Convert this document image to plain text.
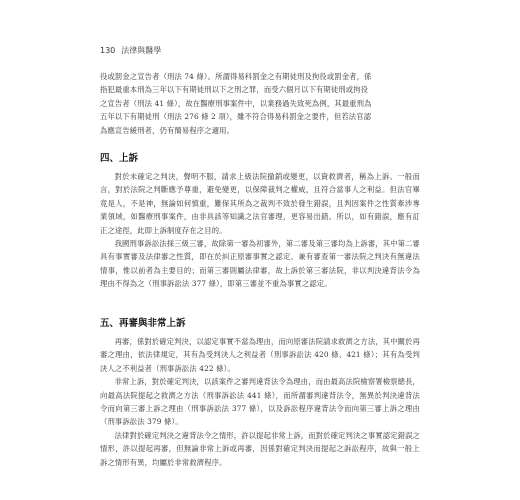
130 法律與醫學

役或罰金之宣告者（刑法 74 條）。所謂得易科罰金之有期徒刑及拘役或罰金者，係

指犯最重本刑為三年以下有期徒刑以下之刑之罪，而受六個月以下有期徒刑或拘役

之宣告者（刑法 41 條），故在醫療刑事案件中，以業務過失致死為例，其最重刑為

五年以下有期徒刑（刑法 276 條 2 項），雖不符合得易科罰金之要件，但若法官認

為應宣告緩刑者，仍有簡易程序之適用。

四、上訴

對於未確定之判決，聲明不服，請求上級法院撤銷或變更，以資救濟者，稱為上訴。一般而言，對於法院之判斷應予尊重，避免變更，以保障裁判之權威，且符合當事人之利益。但法官畢竟是人，不是神，無論如何慎重，難保其所為之裁判不致於發生錯誤，且判因案件之性質牽涉專業領域，如醫療刑事案件，由非具該等知識之法官審理，更容易出錯。所以，如有錯誤，應有訂正之途徑，此即上訴制度存在之目的。

我國刑事訴訟法採三級三審，故除第一審為初審外，第二審及第三審均為上訴審，其中第二審具有事實審及法律審之性質，即在於糾正原審事實之認定、兼有審查第一審法院之判決有無違法情事，惟以前者為主要目的；而第三審則屬法律審，故上訴於第三審法院，非以判決違背法令為理由不得為之（刑事訴訟法 377 條），即第三審並不重為事實之認定。

五、再審與非常上訴

再審，係對於確定判決，以認定事實不當為理由，而向原審法院請求救濟之方法，其中關於再審之理由，依法律規定，其有為受判決人之利益者（刑事訴訟法 420 條、421 條）；其有為受判決人之不利益者（刑事訴訟法 422 條）。

非常上訴，對於確定判決，以該案件之審判違背法令為理由，而由最高法院檢察署檢察總長，向最高法院提起之救濟之方法（刑事訴訟法 441 條），而所謂審判違背法令，無異於判決違背法令而向第三審上訴之理由（刑事訴訟法 377 條），以及訴訟程序違背法令而向第三審上訴之理由（刑事訴訟法 379 條）。

法律對於確定判決之違背法令之情形，許以提起非常上訴，而對於確定判決之事實認定錯誤之情形，許以提起再審，但無論非常上訴或再審，因係對確定判決而提起之訴訟程序，故與一般上訴之情形有異，均屬於非常救濟程序。
